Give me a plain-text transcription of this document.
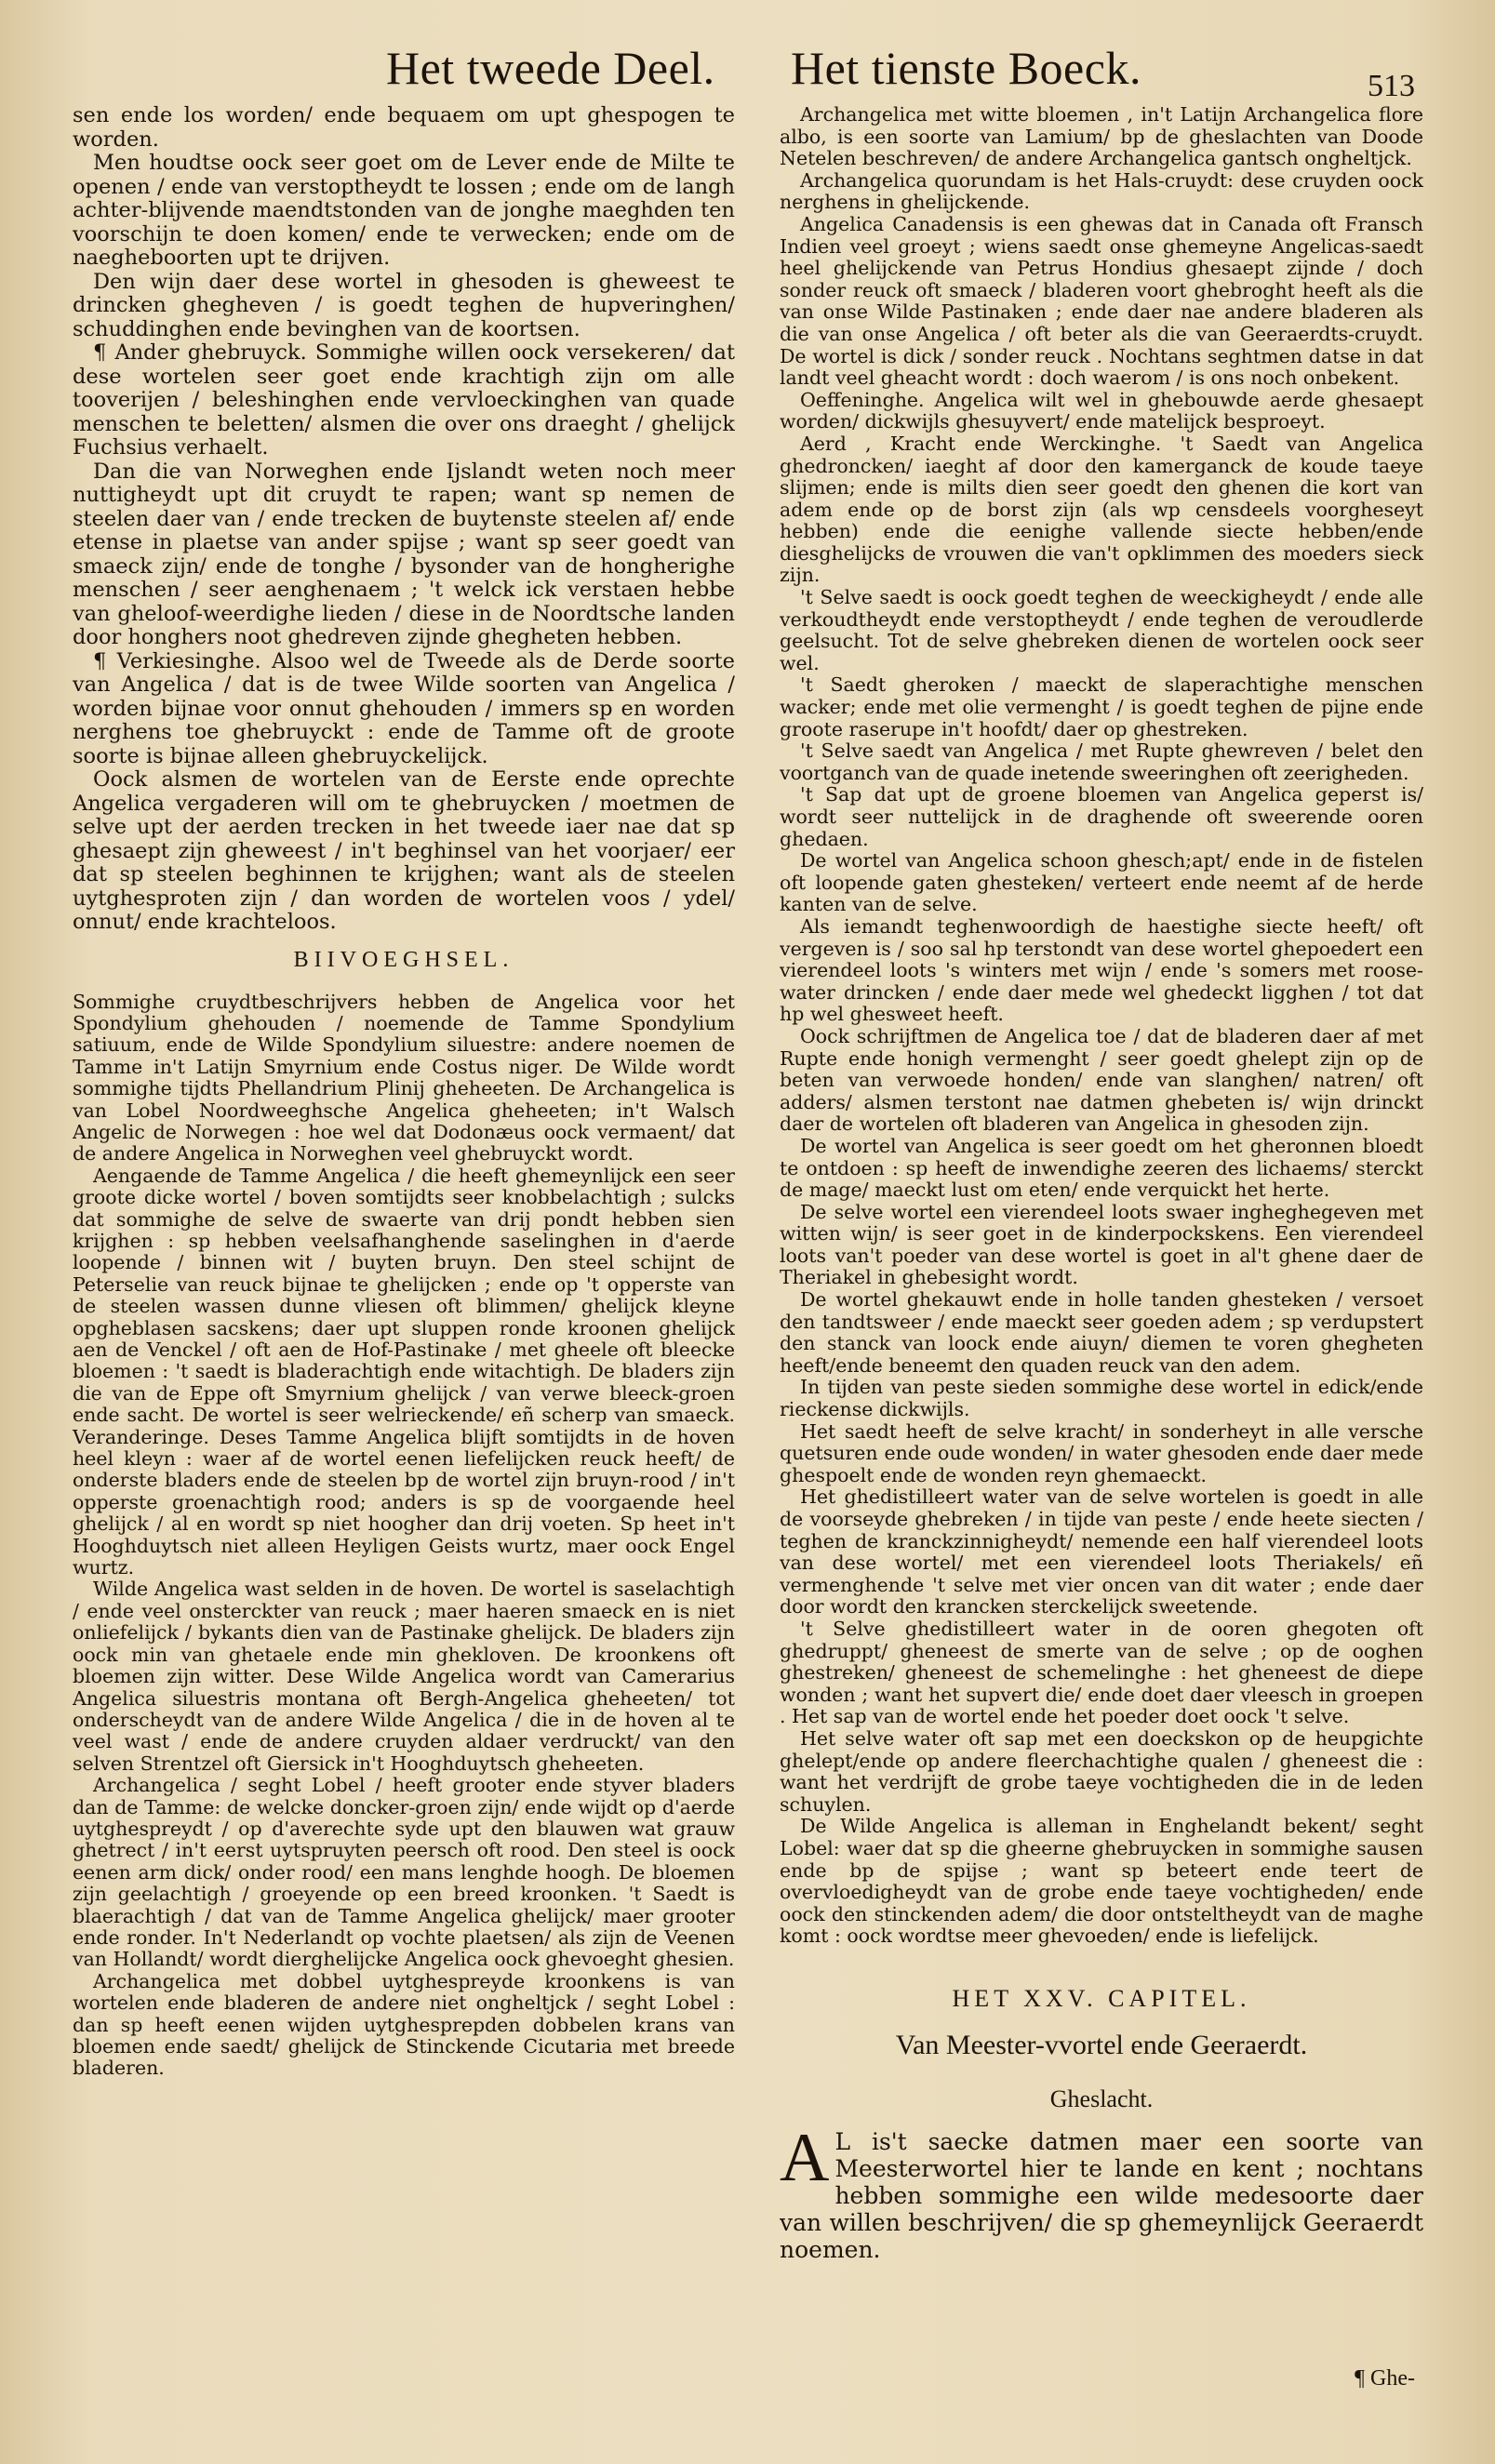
Het tweede Deel. Het tienste Boeck.	513

sen ende los worden/ ende bequaem om upt ghespogen te worden.

Men houdtse oock seer goet om de Lever ende de Milte te openen / ende van verstoptheydt te lossen ; ende om de langh achter-blijvende maendtstonden van de jonghe maeghden ten voorschijn te doen komen/ ende te verwecken; ende om de naegheboorten upt te drijven.

Den wijn daer dese wortel in ghesoden is gheweest te drincken ghegheven / is goedt teghen de hupveringhen/ schuddinghen ende bevinghen van de koortsen.

¶ Ander ghebruyck. Sommighe willen oock versekeren/ dat dese wortelen seer goet ende krachtigh zijn om alle tooverijen / beleshinghen ende vervloeckinghen van quade menschen te beletten/ alsmen die over ons draeght / ghelijck Fuchsius verhaelt.

Dan die van Norweghen ende Ijslandt weten noch meer nuttigheydt upt dit cruydt te rapen; want sp nemen de steelen daer van / ende trecken de buytenste steelen af/ ende etense in plaetse van ander spijse ; want sp seer goedt van smaeck zijn/ ende de tonghe / bysonder van de hongherighe menschen / seer aenghenaem ; 't welck ick verstaen hebbe van gheloof-weerdighe lieden / diese in de Noordtsche landen door honghers noot ghedreven zijnde ghegheten hebben.

¶ Verkiesinghe. Alsoo wel de Tweede als de Derde soorte van Angelica / dat is de twee Wilde soorten van Angelica / worden bijnae voor onnut ghehouden / immers sp en worden nerghens toe ghebruyckt : ende de Tamme oft de groote soorte is bijnae alleen ghebruyckelijck.

Oock alsmen de wortelen van de Eerste ende oprechte Angelica vergaderen will om te ghebruycken / moetmen de selve upt der aerden trecken in het tweede iaer nae dat sp ghesaept zijn gheweest / in't beghinsel van het voorjaer/ eer dat sp steelen beghinnen te krijghen; want als de steelen uytghesproten zijn / dan worden de wortelen voos / ydel/ onnut/ ende krachteloos.

BIIVOEGHSEL.

Sommighe cruydtbeschrijvers hebben de Angelica voor het Spondylium ghehouden / noemende de Tamme Spondylium satiuum, ende de Wilde Spondylium siluestre: andere noemen de Tamme in't Latijn Smyrnium ende Costus niger. De Wilde wordt sommighe tijdts Phellandrium Plinij gheheeten. De Archangelica is van Lobel Noordweeghsche Angelica gheheeten; in't Walsch Angelic de Norwegen : hoe wel dat Dodonæus oock vermaent/ dat de andere Angelica in Norweghen veel ghebruyckt wordt.

Aengaende de Tamme Angelica / die heeft ghemeynlijck een seer groote dicke wortel / boven somtijdts seer knobbelachtigh ; sulcks dat sommighe de selve de swaerte van drij pondt hebben sien krijghen : sp hebben veelsafhanghende saselinghen in d'aerde loopende / binnen wit / buyten bruyn. Den steel schijnt de Peterselie van reuck bijnae te ghelijcken ; ende op 't opperste van de steelen wassen dunne vliesen oft blimmen/ ghelijck kleyne opgheblasen sacskens; daer upt sluppen ronde kroonen ghelijck aen de Venckel / oft aen de Hof-Pastinake / met gheele oft bleecke bloemen : 't saedt is bladerachtigh ende witachtigh. De bladers zijn die van de Eppe oft Smyrnium ghelijck / van verwe bleeck-groen ende sacht. De wortel is seer welrieckende/ eñ scherp van smaeck. Veranderinge. Deses Tamme Angelica blijft somtijdts in de hoven heel kleyn : waer af de wortel eenen liefelijcken reuck heeft/ de onderste bladers ende de steelen bp de wortel zijn bruyn-rood / in't opperste groenachtigh rood; anders is sp de voorgaende heel ghelijck / al en wordt sp niet hoogher dan drij voeten. Sp heet in't Hooghduytsch niet alleen Heyligen Geists wurtz, maer oock Engel wurtz.

Wilde Angelica wast selden in de hoven. De wortel is saselachtigh / ende veel onsterckter van reuck ; maer haeren smaeck en is niet onliefelijck / bykants dien van de Pastinake ghelijck. De bladers zijn oock min van ghetaele ende min ghekloven. De kroonkens oft bloemen zijn witter. Dese Wilde Angelica wordt van Camerarius Angelica siluestris montana oft Bergh-Angelica gheheeten/ tot onderscheydt van de andere Wilde Angelica / die in de hoven al te veel wast / ende de andere cruyden aldaer verdruckt/ van den selven Strentzel oft Giersick in't Hooghduytsch gheheeten.

Archangelica / seght Lobel / heeft grooter ende styver bladers dan de Tamme: de welcke doncker-groen zijn/ ende wijdt op d'aerde uytghespreydt / op d'averechte syde upt den blauwen wat grauw ghetrect / in't eerst uytspruyten peersch oft rood. Den steel is oock eenen arm dick/ onder rood/ een mans lenghde hoogh. De bloemen zijn geelachtigh / groeyende op een breed kroonken. 't Saedt is blaerachtigh / dat van de Tamme Angelica ghelijck/ maer grooter ende ronder. In't Nederlandt op vochte plaetsen/ als zijn de Veenen van Hollandt/ wordt dierghelijcke Angelica oock ghevoeght ghesien.

Archangelica met dobbel uytghespreyde kroonkens is van wortelen ende bladeren de andere niet ongheltjck / seght Lobel : dan sp heeft eenen wijden uytghesprepden dobbelen krans van bloemen ende saedt/ ghelijck de Stinckende Cicutaria met breede bladeren.

Archangelica met witte bloemen , in't Latijn Archangelica flore albo, is een soorte van Lamium/ bp de gheslachten van Doode Netelen beschreven/ de andere Archangelica gantsch ongheltjck.

Archangelica quorundam is het Hals-cruydt: dese cruyden oock nerghens in ghelijckende.

Angelica Canadensis is een ghewas dat in Canada oft Fransch Indien veel groeyt ; wiens saedt onse ghemeyne Angelicas-saedt heel ghelijckende van Petrus Hondius ghesaept zijnde / doch sonder reuck oft smaeck / bladeren voort ghebroght heeft als die van onse Wilde Pastinaken ; ende daer nae andere bladeren als die van onse Angelica / oft beter als die van Geeraerdts-cruydt. De wortel is dick / sonder reuck . Nochtans seghtmen datse in dat landt veel gheacht wordt : doch waerom / is ons noch onbekent.

Oeffeninghe. Angelica wilt wel in ghebouwde aerde ghesaept worden/ dickwijls ghesuyvert/ ende matelijck besproeyt.

Aerd , Kracht ende Werckinghe. 't Saedt van Angelica ghedroncken/ iaeght af door den kamerganck de koude taeye slijmen; ende is milts dien seer goedt den ghenen die kort van adem ende op de borst zijn (als wp censdeels voorgheseyt hebben) ende die eenighe vallende siecte hebben/ende diesghelijcks de vrouwen die van't opklimmen des moeders sieck zijn.

't Selve saedt is oock goedt teghen de weeckigheydt / ende alle verkoudtheydt ende verstoptheydt / ende teghen de veroudlerde geelsucht. Tot de selve ghebreken dienen de wortelen oock seer wel.

't Saedt gheroken / maeckt de slaperachtighe menschen wacker; ende met olie vermenght / is goedt teghen de pijne ende groote raserupe in't hoofdt/ daer op ghestreken.

't Selve saedt van Angelica / met Rupte ghewreven / belet den voortganch van de quade inetende sweeringhen oft zeerigheden.

't Sap dat upt de groene bloemen van Angelica geperst is/ wordt seer nuttelijck in de draghende oft sweerende ooren ghedaen.

De wortel van Angelica schoon ghesch;apt/ ende in de fistelen oft loopende gaten ghesteken/ verteert ende neemt af de herde kanten van de selve.

Als iemandt teghenwoordigh de haestighe siecte heeft/ oft vergeven is / soo sal hp terstondt van dese wortel ghepoedert een vierendeel loots 's winters met wijn / ende 's somers met roose-water drincken / ende daer mede wel ghedeckt ligghen / tot dat hp wel ghesweet heeft.

Oock schrijftmen de Angelica toe / dat de bladeren daer af met Rupte ende honigh vermenght / seer goedt ghelept zijn op de beten van verwoede honden/ ende van slanghen/ natren/ oft adders/ alsmen terstont nae datmen ghebeten is/ wijn drinckt daer de wortelen oft bladeren van Angelica in ghesoden zijn.

De wortel van Angelica is seer goedt om het gheronnen bloedt te ontdoen : sp heeft de inwendighe zeeren des lichaems/ sterckt de mage/ maeckt lust om eten/ ende verquickt het herte.

De selve wortel een vierendeel loots swaer ingheghegeven met witten wijn/ is seer goet in de kinderpockskens. Een vierendeel loots van't poeder van dese wortel is goet in al't ghene daer de Theriakel in ghebesight wordt.

De wortel ghekauwt ende in holle tanden ghesteken / versoet den tandtsweer / ende maeckt seer goeden adem ; sp verdupstert den stanck van loock ende aiuyn/ diemen te voren ghegheten heeft/ende beneemt den quaden reuck van den adem.

In tijden van peste sieden sommighe dese wortel in edick/ende rieckense dickwijls.

Het saedt heeft de selve kracht/ in sonderheyt in alle versche quetsuren ende oude wonden/ in water ghesoden ende daer mede ghespoelt ende de wonden reyn ghemaeckt.

Het ghedistilleert water van de selve wortelen is goedt in alle de voorseyde ghebreken / in tijde van peste / ende heete siecten / teghen de kranckzinnigheydt/ nemende een half vierendeel loots van dese wortel/ met een vierendeel loots Theriakels/ eñ vermenghende 't selve met vier oncen van dit water ; ende daer door wordt den krancken sterckelijck sweetende.

't Selve ghedistilleert water in de ooren ghegoten oft ghedruppt/ gheneest de smerte van de selve ; op de ooghen ghestreken/ gheneest de schemelinghe : het gheneest de diepe wonden ; want het supvert die/ ende doet daer vleesch in groepen . Het sap van de wortel ende het poeder doet oock 't selve.

Het selve water oft sap met een doeckskon op de heupgichte ghelept/ende op andere fleerchachtighe qualen / gheneest die : want het verdrijft de grobe taeye vochtigheden die in de leden schuylen.

De Wilde Angelica is alleman in Enghelandt bekent/ seght Lobel: waer dat sp die gheerne ghebruycken in sommighe sausen ende bp de spijse ; want sp beteert ende teert de overvloedigheydt van de grobe ende taeye vochtigheden/ ende oock den stinckenden adem/ die door ontsteltheydt van de maghe komt : oock wordtse meer ghevoeden/ ende is liefelijck.

HET XXV. CAPITEL.
Van Meester-vvortel ende Geeraerdt.
Gheslacht.

A L is't saecke datmen maer een soorte van Meesterwortel hier te lande en kent ; nochtans hebben sommighe een wilde medesoorte daer van willen beschrijven/ die sp ghemeynlijck Geeraerdt noemen.

¶ Ghe-
